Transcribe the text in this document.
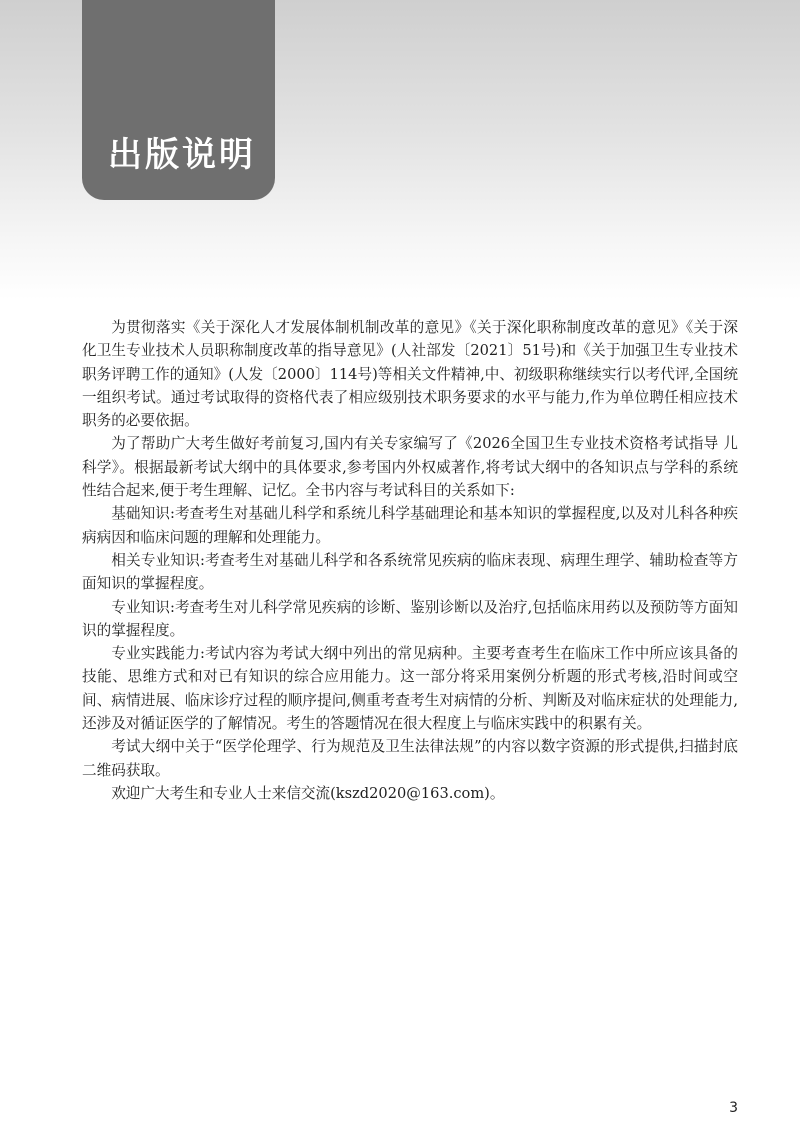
出版说明

为贯彻落实《关于深化人才发展体制机制改革的意见》《关于深化职称制度改革的意见》《关于深化卫生专业技术人员职称制度改革的指导意见》(人社部发〔2021〕51号)和《关于加强卫生专业技术职务评聘工作的通知》(人发〔2000〕114号)等相关文件精神,中、初级职称继续实行以考代评,全国统一组织考试。通过考试取得的资格代表了相应级别技术职务要求的水平与能力,作为单位聘任相应技术职务的必要依据。

为了帮助广大考生做好考前复习,国内有关专家编写了《2026全国卫生专业技术资格考试指导 儿科学》。根据最新考试大纲中的具体要求,参考国内外权威著作,将考试大纲中的各知识点与学科的系统性结合起来,便于考生理解、记忆。全书内容与考试科目的关系如下:

基础知识:考查考生对基础儿科学和系统儿科学基础理论和基本知识的掌握程度,以及对儿科各种疾病病因和临床问题的理解和处理能力。

相关专业知识:考查考生对基础儿科学和各系统常见疾病的临床表现、病理生理学、辅助检查等方面知识的掌握程度。

专业知识:考查考生对儿科学常见疾病的诊断、鉴别诊断以及治疗,包括临床用药以及预防等方面知识的掌握程度。

专业实践能力:考试内容为考试大纲中列出的常见病种。主要考查考生在临床工作中所应该具备的技能、思维方式和对已有知识的综合应用能力。这一部分将采用案例分析题的形式考核,沿时间或空间、病情进展、临床诊疗过程的顺序提问,侧重考查考生对病情的分析、判断及对临床症状的处理能力,还涉及对循证医学的了解情况。考生的答题情况在很大程度上与临床实践中的积累有关。

考试大纲中关于“医学伦理学、行为规范及卫生法律法规”的内容以数字资源的形式提供,扫描封底二维码获取。

欢迎广大考生和专业人士来信交流(kszd2020@163.com)。

3
